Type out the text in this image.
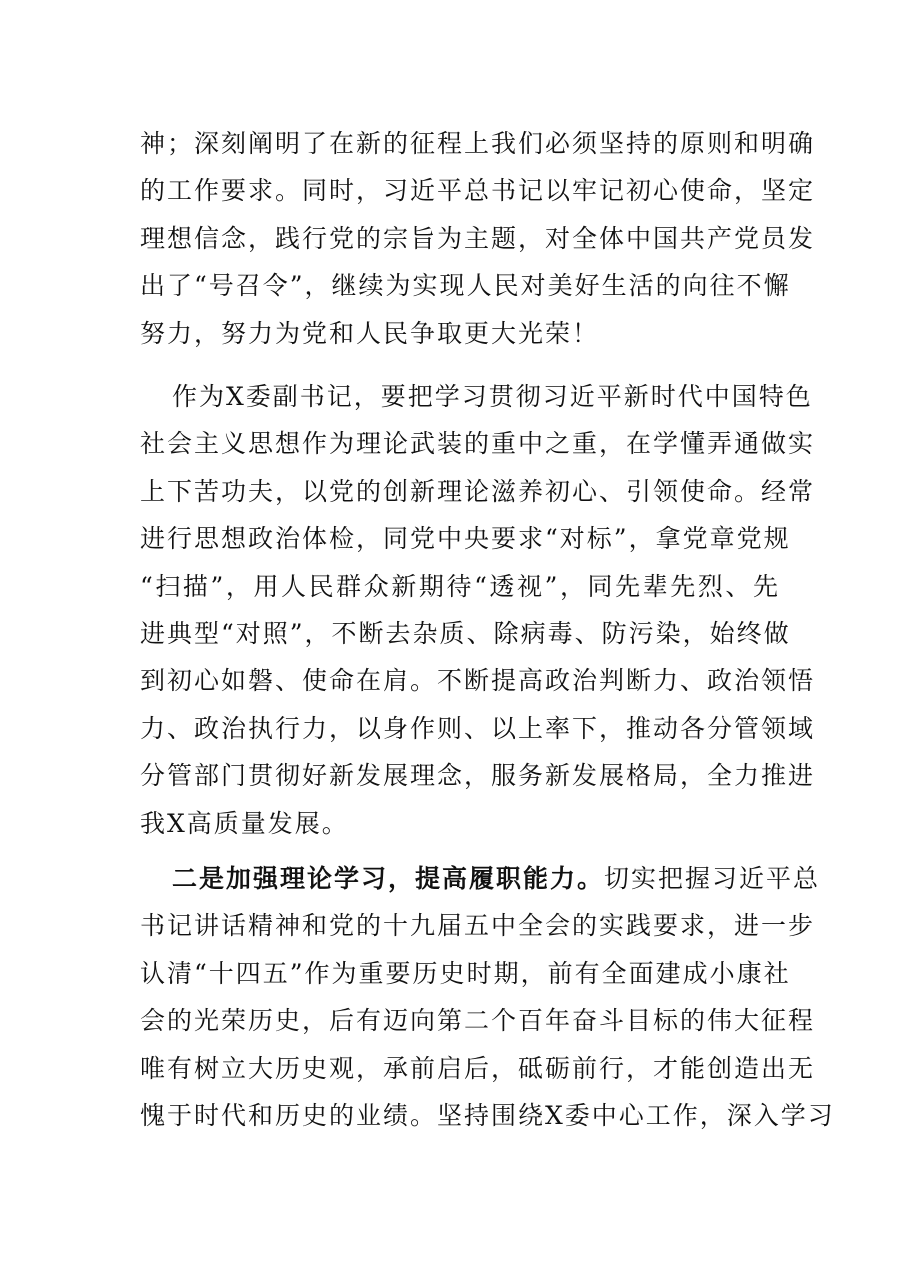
神；深刻阐明了在新的征程上我们必须坚持的原则和明确
的工作要求。同时，习近平总书记以牢记初心使命，坚定
理想信念，践行党的宗旨为主题，对全体中国共产党员发
出了“号召令”，继续为实现人民对美好生活的向往不懈
努力，努力为党和人民争取更大光荣！
作为X委副书记，要把学习贯彻习近平新时代中国特色
社会主义思想作为理论武装的重中之重，在学懂弄通做实
上下苦功夫，以党的创新理论滋养初心、引领使命。经常
进行思想政治体检，同党中央要求“对标”，拿党章党规
“扫描”，用人民群众新期待“透视”，同先辈先烈、先
进典型“对照”，不断去杂质、除病毒、防污染，始终做
到初心如磐、使命在肩。不断提高政治判断力、政治领悟
力、政治执行力，以身作则、以上率下，推动各分管领域
分管部门贯彻好新发展理念，服务新发展格局，全力推进
我X高质量发展。
二是加强理论学习，提高履职能力。切实把握习近平总
书记讲话精神和党的十九届五中全会的实践要求，进一步
认清“十四五”作为重要历史时期，前有全面建成小康社
会的光荣历史，后有迈向第二个百年奋斗目标的伟大征程
唯有树立大历史观，承前启后，砥砺前行，才能创造出无
愧于时代和历史的业绩。坚持围绕X委中心工作，深入学习
